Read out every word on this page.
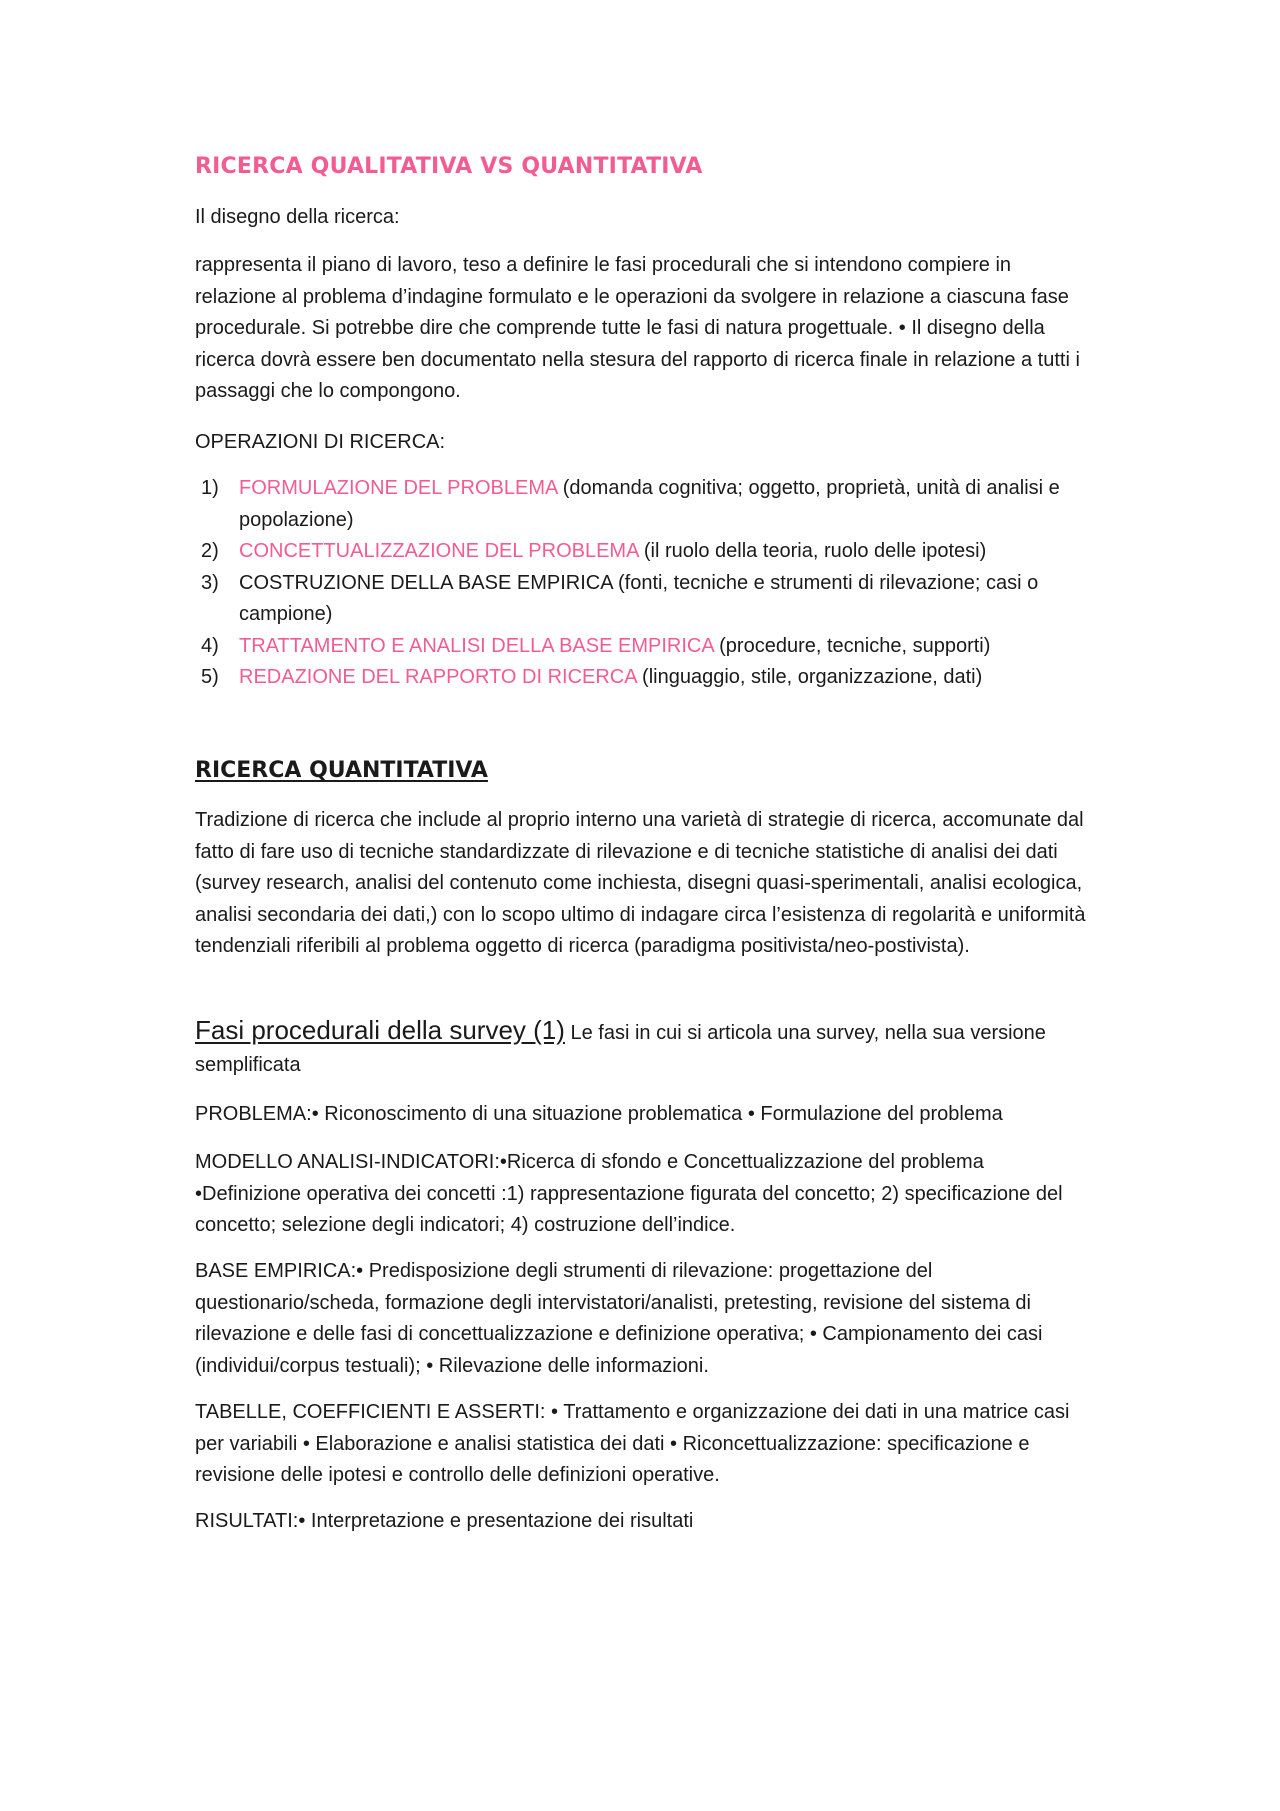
RICERCA QUALITATIVA VS QUANTITATIVA
Il disegno della ricerca:
rappresenta il piano di lavoro, teso a definire le fasi procedurali che si intendono compiere in relazione al problema d’indagine formulato e le operazioni da svolgere in relazione a ciascuna fase procedurale. Si potrebbe dire che comprende tutte le fasi di natura progettuale. • Il disegno della ricerca dovrà essere ben documentato nella stesura del rapporto di ricerca finale in relazione a tutti i passaggi che lo compongono.
OPERAZIONI DI RICERCA:
1) FORMULAZIONE DEL PROBLEMA (domanda cognitiva; oggetto, proprietà, unità di analisi e popolazione)
2) CONCETTUALIZZAZIONE DEL PROBLEMA (il ruolo della teoria, ruolo delle ipotesi)
3) COSTRUZIONE DELLA BASE EMPIRICA (fonti, tecniche e strumenti di rilevazione; casi o campione)
4) TRATTAMENTO E ANALISI DELLA BASE EMPIRICA (procedure, tecniche, supporti)
5) REDAZIONE DEL RAPPORTO DI RICERCA (linguaggio, stile, organizzazione, dati)
RICERCA QUANTITATIVA
Tradizione di ricerca che include al proprio interno una varietà di strategie di ricerca, accomunate dal fatto di fare uso di tecniche standardizzate di rilevazione e di tecniche statistiche di analisi dei dati (survey research, analisi del contenuto come inchiesta, disegni quasi-sperimentali, analisi ecologica, analisi secondaria dei dati,) con lo scopo ultimo di indagare circa l’esistenza di regolarità e uniformità tendenziali riferibili al problema oggetto di ricerca (paradigma positivista/neo-postivista).
Fasi procedurali della survey (1) Le fasi in cui si articola una survey, nella sua versione semplificata
PROBLEMA:• Riconoscimento di una situazione problematica • Formulazione del problema
MODELLO ANALISI-INDICATORI:•Ricerca di sfondo e Concettualizzazione del problema •Definizione operativa dei concetti :1) rappresentazione figurata del concetto; 2) specificazione del concetto; selezione degli indicatori; 4) costruzione dell’indice.
BASE EMPIRICA:• Predisposizione degli strumenti di rilevazione: progettazione del questionario/scheda, formazione degli intervistatori/analisti, pretesting, revisione del sistema di rilevazione e delle fasi di concettualizzazione e definizione operativa; • Campionamento dei casi (individui/corpus testuali); • Rilevazione delle informazioni.
TABELLE, COEFFICIENTI E ASSERTI: • Trattamento e organizzazione dei dati in una matrice casi per variabili • Elaborazione e analisi statistica dei dati • Riconcettualizzazione: specificazione e revisione delle ipotesi e controllo delle definizioni operative.
RISULTATI:• Interpretazione e presentazione dei risultati
